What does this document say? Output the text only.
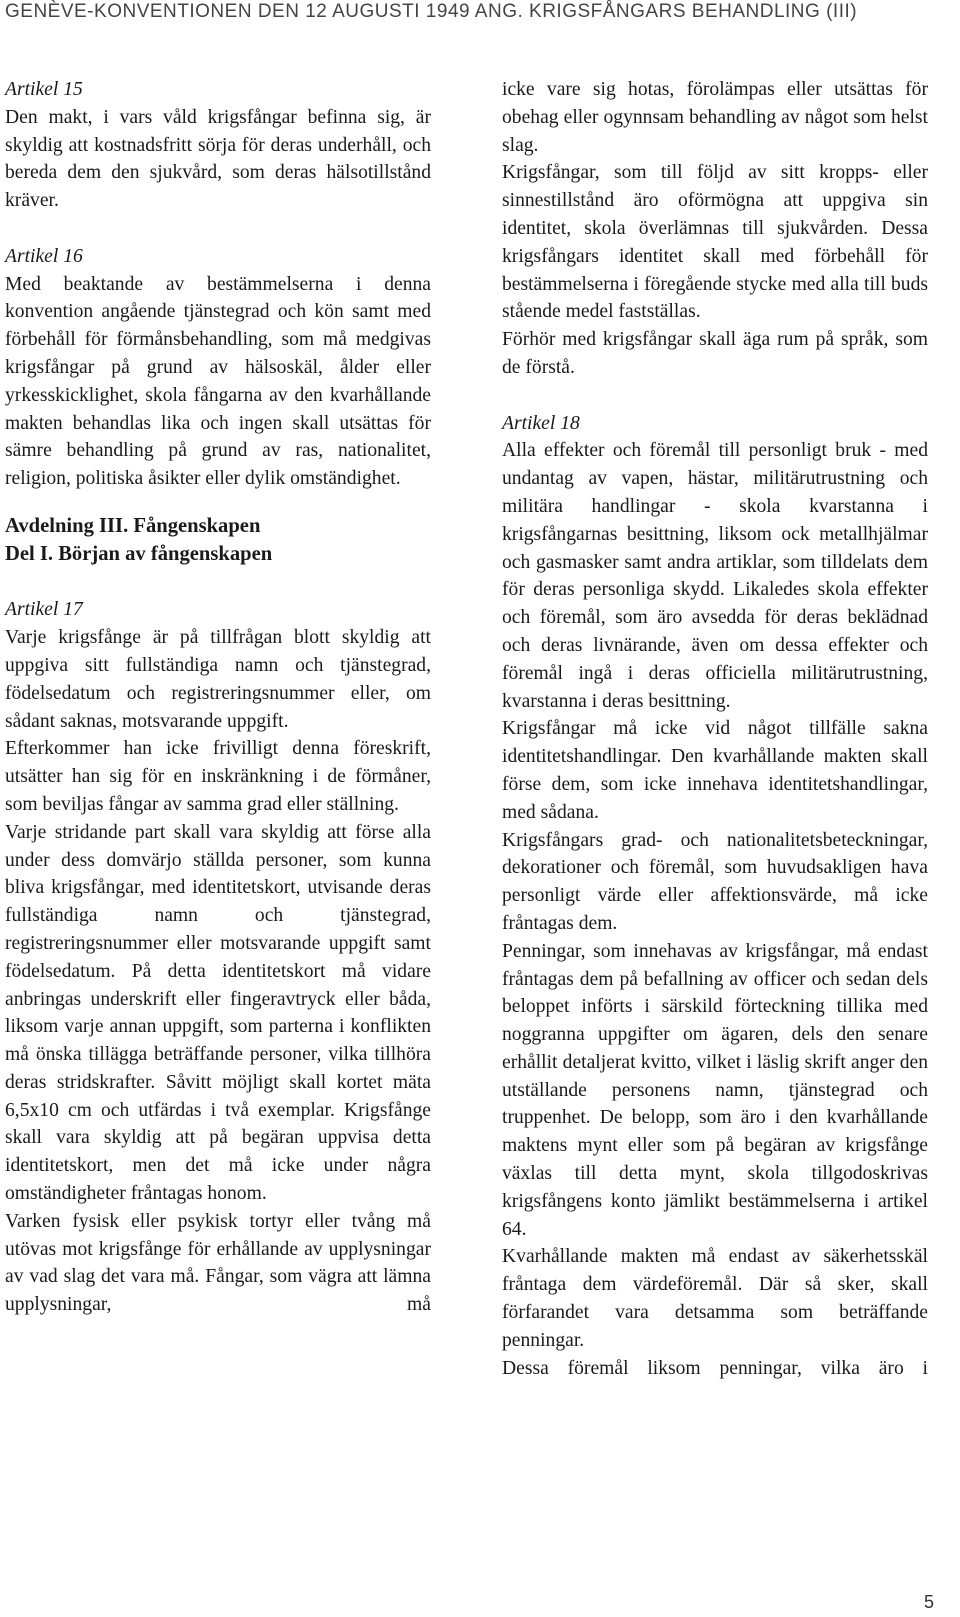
GENÈVE-KONVENTIONEN DEN 12 AUGUSTI 1949 ANG. KRIGSFÅNGARS BEHANDLING (III)
Artikel 15

Den makt, i vars våld krigsfångar befinna sig, är skyldig att kostnadsfritt sörja för deras underhåll, och bereda dem den sjukvård, som deras hälsotillstånd kräver.

Artikel 16

Med beaktande av bestämmelserna i denna konvention angående tjänstegrad och kön samt med förbehåll för förmånsbehandling, som må medgivas krigsfångar på grund av hälsoskäl, ålder eller yrkesskicklighet, skola fångarna av den kvarhållande makten behandlas lika och ingen skall utsättas för sämre behandling på grund av ras, nationalitet, religion, politiska åsikter eller dylik omständighet.

Avdelning III. Fångenskapen
Del I. Början av fångenskapen
Artikel 17

Varje krigsfånge är på tillfrågan blott skyldig att uppgiva sitt fullständiga namn och tjänstegrad, födelsedatum och registreringsnummer eller, om sådant saknas, motsvarande uppgift.

Efterkommer han icke frivilligt denna föreskrift, utsätter han sig för en inskränkning i de förmåner, som beviljas fångar av samma grad eller ställning.

Varje stridande part skall vara skyldig att förse alla under dess domvärjo ställda personer, som kunna bliva krigsfångar, med identitetskort, utvisande deras fullständiga namn och tjänstegrad, registreringsnummer eller motsvarande uppgift samt födelsedatum. På detta identitetskort må vidare anbringas underskrift eller fingeravtryck eller båda, liksom varje annan uppgift, som parterna i konflikten må önska tillägga beträffande personer, vilka tillhöra deras stridskrafter. Såvitt möjligt skall kortet mäta 6,5x10 cm och utfärdas i två exemplar. Krigsfånge skall vara skyldig att på begäran uppvisa detta identitetskort, men det må icke under några omständigheter fråntagas honom.

Varken fysisk eller psykisk tortyr eller tvång må utövas mot krigsfånge för erhållande av upplysningar av vad slag det vara må. Fångar, som vägra att lämna upplysningar, må

icke vare sig hotas, förolämpas eller utsättas för obehag eller ogynnsam behandling av något som helst slag.

Krigsfångar, som till följd av sitt kropps- eller sinnestillstånd äro oförmögna att uppgiva sin identitet, skola överlämnas till sjukvården. Dessa krigsfångars identitet skall med förbehåll för bestämmelserna i föregående stycke med alla till buds stående medel fastställas.

Förhör med krigsfångar skall äga rum på språk, som de förstå.

Artikel 18

Alla effekter och föremål till personligt bruk - med undantag av vapen, hästar, militärutrustning och militära handlingar - skola kvarstanna i krigsfångarnas besittning, liksom ock metallhjälmar och gasmasker samt andra artiklar, som tilldelats dem för deras personliga skydd. Likaledes skola effekter och föremål, som äro avsedda för deras beklädnad och deras livnärande, även om dessa effekter och föremål ingå i deras officiella militärutrustning, kvarstanna i deras besittning.

Krigsfångar må icke vid något tillfälle sakna identitetshandlingar. Den kvarhållande makten skall förse dem, som icke innehava identitetshandlingar, med sådana.

Krigsfångars grad- och nationalitetsbeteckningar, dekorationer och föremål, som huvudsakligen hava personligt värde eller affektionsvärde, må icke fråntagas dem.

Penningar, som innehavas av krigsfångar, må endast fråntagas dem på befallning av officer och sedan dels beloppet införts i särskild förteckning tillika med noggranna uppgifter om ägaren, dels den senare erhållit detaljerat kvitto, vilket i läslig skrift anger den utställande personens namn, tjänstegrad och truppenhet. De belopp, som äro i den kvarhållande maktens mynt eller som på begäran av krigsfånge växlas till detta mynt, skola tillgodoskrivas krigsfångens konto jämlikt bestämmelserna i artikel 64.

Kvarhållande makten må endast av säkerhetsskäl fråntaga dem värdeföremål. Där så sker, skall förfarandet vara detsamma som beträffande penningar.

Dessa föremål liksom penningar, vilka äro i

5
